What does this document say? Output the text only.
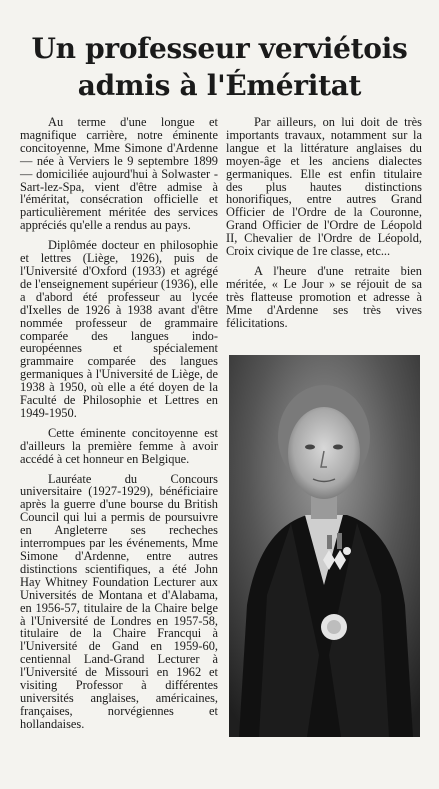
Un professeur verviétois
admis à l'Éméritat

Au terme d'une longue et magnifique carrière, notre éminente concitoyenne, Mme Simone d'Ardenne — née à Verviers le 9 septembre 1899 — domiciliée aujourd'hui à Solwaster - Sart-lez-Spa, vient d'être admise à l'éméritat, consécration officielle et particulièrement méritée des services appréciés qu'elle a rendus au pays.

Diplômée docteur en philosophie et lettres (Liège, 1926), puis de l'Université d'Oxford (1933) et agrégé de l'enseignement supérieur (1936), elle a d'abord été professeur au lycée d'Ixelles de 1926 à 1938 avant d'être nommée professeur de grammaire comparée des langues indo-européennes et spécialement grammaire comparée des langues germaniques à l'Université de Liège, de 1938 à 1950, où elle a été doyen de la Faculté de Philosophie et Lettres en 1949-1950.

Cette éminente concitoyenne est d'ailleurs la première femme à avoir accédé à cet honneur en Belgique.

Lauréate du Concours universitaire (1927-1929), bénéficiaire après la guerre d'une bourse du British Council qui lui a permis de poursuivre en Angleterre ses recheches interrompues par les événements, Mme Simone d'Ardenne, entre autres distinctions scientifiques, a été John Hay Whitney Foundation Lecturer aux Universités de Montana et d'Alabama, en 1956-57, titulaire de la Chaire belge à l'Université de Londres en 1957-58, titulaire de la Chaire Francqui à l'Université de Gand en 1959-60, centiennal Land-Grand Lecturer à l'Université de Missouri en 1962 et visiting Professor à différentes universités anglaises, américaines, françaises, norvégiennes et hollandaises.

Par ailleurs, on lui doit de très importants travaux, notamment sur la langue et la littérature anglaises du moyen-âge et les anciens dialectes germaniques. Elle est enfin titulaire des plus hautes distinctions honorifiques, entre autres Grand Officier de l'Ordre de la Couronne, Grand Officier de l'Ordre de Léopold II, Chevalier de l'Ordre de Léopold, Croix civique de 1re classe, etc...

A l'heure d'une retraite bien méritée, « Le Jour » se réjouit de sa très flatteuse promotion et adresse à Mme d'Ardenne ses très vives félicitations.
